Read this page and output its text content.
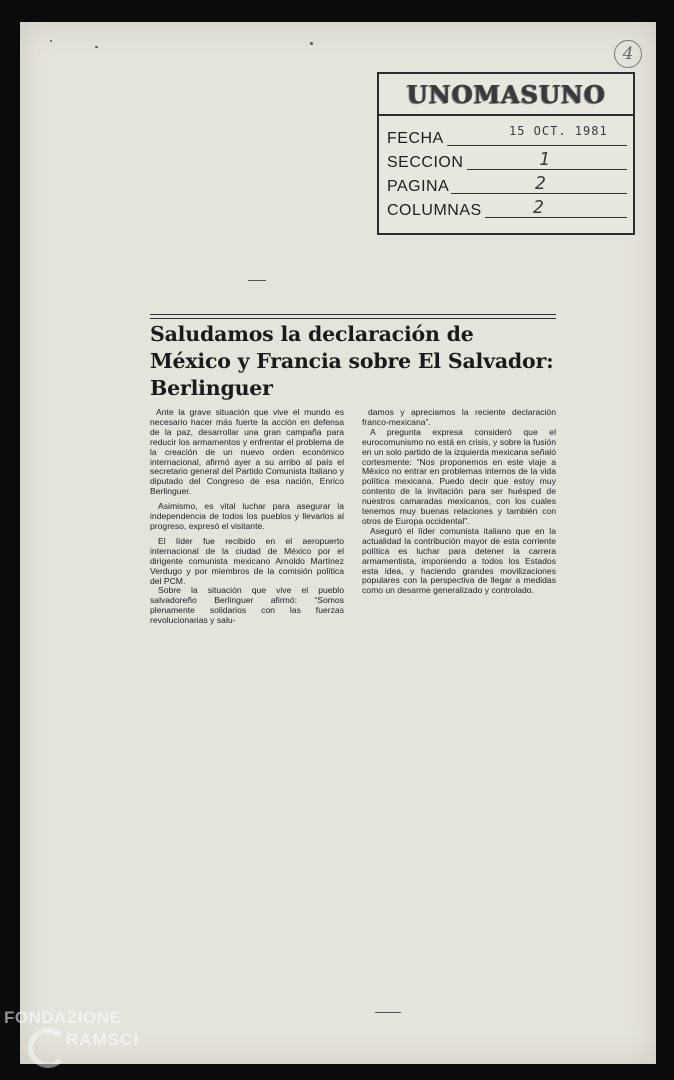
4
UNOMASUNO
FECHA	15 OCT. 1981
SECCION	1
PAGINA	2
COLUMNAS	2
Saludamos la declaración de México y Francia sobre El Salvador: Berlinguer

Ante la grave situación que vive el mundo es necesario hacer más fuerte la acción en defensa de la paz, desarrollar una gran campaña para reducir los armamentos y enfrentar el problema de la creación de un nuevo orden económico internacional, afirmó ayer a su arribo al país el secretario general del Partido Comunista Italiano y diputado del Congreso de esa nación, Enrico Berlinguer.

Asimismo, es vital luchar para asegurar la independencia de todos los pueblos y llevarlos al progreso, expresó el visitante.

El líder fue recibido en el aeropuerto internacional de la ciudad de México por el dirigente comunista mexicano Arnoldo Martínez Verdugo y por miembros de la comisión política del PCM.

Sobre la situación que vive el pueblo salvadoreño Berlinguer afirmó: “Somos plenamente solidarios con las fuerzas revolucionarias y salu-

damos y apreciamos la reciente declaración franco-mexicana”.

A pregunta expresa consideró que el eurocomunismo no está en crisis, y sobre la fusión en un solo partido de la izquierda mexicana señaló cortesmente: “Nos proponemos en este viaje a México no entrar en problemas internos de la vida política mexicana. Puedo decir que estoy muy contento de la invitación para ser huésped de nuestros camaradas mexicanos, con los cuales tenemos muy buenas relaciones y también con otros de Europa occidental”.

Aseguró el líder comunista italiano que en la actualidad la contribución mayor de esta corriente política es luchar para detener la carrera armamentista, imponiendo a todos los Estados esta idea, y haciendo grandes movilizaciones populares con la perspectiva de llegar a medidas como un desarme generalizado y controlado.

FONDAZIONE
RAMSCI
